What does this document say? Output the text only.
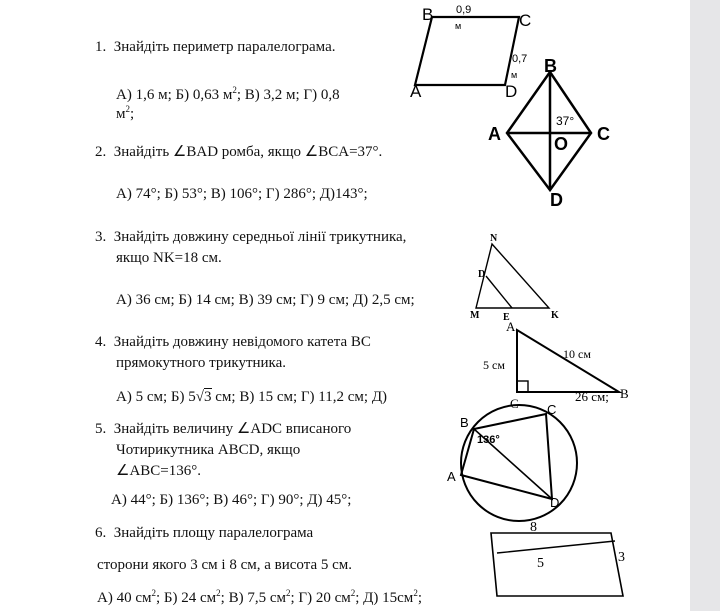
1. Знайдіть периметр паралелограма.
А) 1,6 м; Б) 0,63 $м^2$; В) 3,2 м; Г) 0,8
$м^2$;
2. Знайдіть ∠BAD ромба, якщо ∠BCA=37°.
А) 74°; Б) 53°; В) 106°; Г) 286°; Д)143°;
3. Знайдіть довжину середньої лінії трикутника,
якщо NK=18 см.
А) 36 см; Б) 14 см; В) 39 см; Г) 9 см; Д) 2,5 см;
4. Знайдіть довжину невідомого катета ВС
прямокутного трикутника.
А) 5 см; Б) 5√3 см; В) 15 см; Г) 11,2 см; Д)
5. Знайдіть величину ∠ADC вписаного
Чотирикутника ABCD, якщо
∠ABC=136°.
А) 44°; Б) 136°; В) 46°; Г) 90°; Д) 45°;
6. Знайдіть площу паралелограма
сторони якого 3 см і 8 см, а висота 5 см.
А) 40 $см^2$; Б) 24 $см^2$; В) 7,5 $см^2$; Г) 20 $см^2$; Д) $15см^2$;
B	C
A	D
0,9
м
0,7
м B
A	C
D
O
37°
N
D
M E	K
A
C
B
5 см
10 см
26 см;
B
A
C
D
136°
8
5	3
